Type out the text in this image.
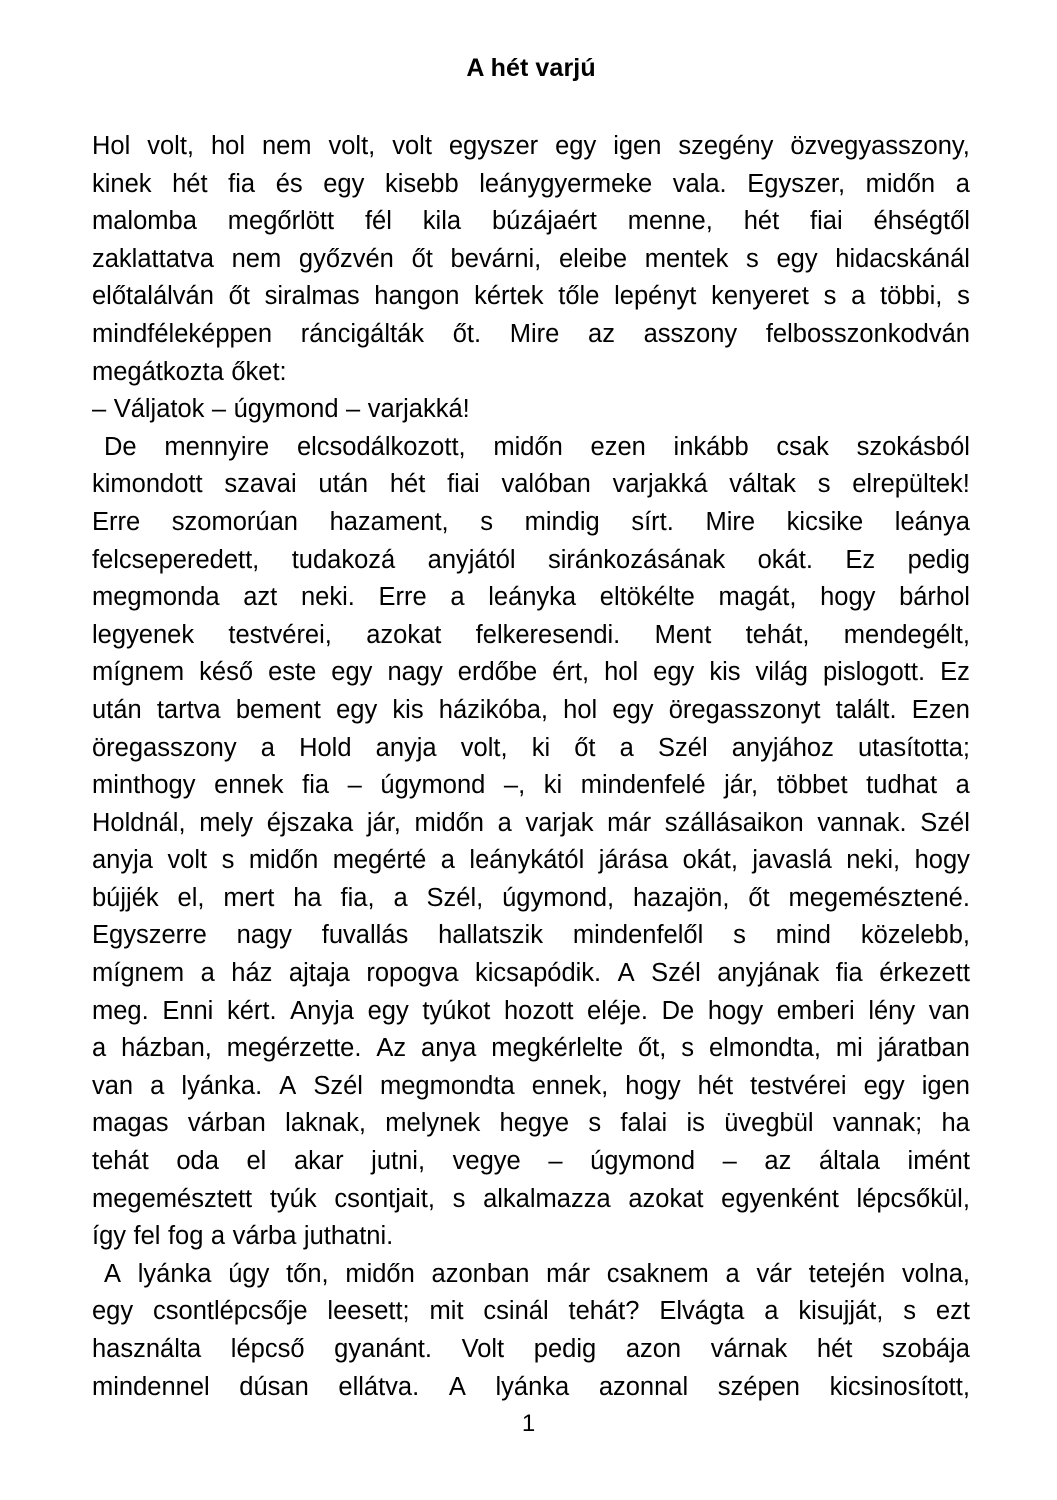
A hét varjú
Hol volt, hol nem volt, volt egyszer egy igen szegény özvegyasszony,
kinek hét fia és egy kisebb leánygyermeke vala. Egyszer, midőn a
malomba megőrlött fél kila búzájaért menne, hét fiai éhségtől
zaklattatva nem győzvén őt bevárni, eleibe mentek s egy hidacskánál
előtalálván őt siralmas hangon kértek tőle lepényt kenyeret s a többi, s
mindféleképpen ráncigálták őt. Mire az asszony felbosszonkodván
megátkozta őket:
– Váljatok – úgymond – varjakká!
De mennyire elcsodálkozott, midőn ezen inkább csak szokásból
kimondott szavai után hét fiai valóban varjakká váltak s elrepültek!
Erre szomorúan hazament, s mindig sírt. Mire kicsike leánya
felcseperedett, tudakozá anyjától siránkozásának okát. Ez pedig
megmonda azt neki. Erre a leányka eltökélte magát, hogy bárhol
legyenek testvérei, azokat felkeresendi. Ment tehát, mendegélt,
mígnem késő este egy nagy erdőbe ért, hol egy kis világ pislogott. Ez
után tartva bement egy kis házikóba, hol egy öregasszonyt talált. Ezen
öregasszony a Hold anyja volt, ki őt a Szél anyjához utasította;
minthogy ennek fia – úgymond –, ki mindenfelé jár, többet tudhat a
Holdnál, mely éjszaka jár, midőn a varjak már szállásaikon vannak. Szél
anyja volt s midőn megérté a leánykától járása okát, javaslá neki, hogy
bújjék el, mert ha fia, a Szél, úgymond, hazajön, őt megemésztené.
Egyszerre nagy fuvallás hallatszik mindenfelől s mind közelebb,
mígnem a ház ajtaja ropogva kicsapódik. A Szél anyjának fia érkezett
meg. Enni kért. Anyja egy tyúkot hozott eléje. De hogy emberi lény van
a házban, megérzette. Az anya megkérlelte őt, s elmondta, mi járatban
van a lyánka. A Szél megmondta ennek, hogy hét testvérei egy igen
magas várban laknak, melynek hegye s falai is üvegbül vannak; ha
tehát oda el akar jutni, vegye – úgymond – az általa imént
megemésztett tyúk csontjait, s alkalmazza azokat egyenként lépcsőkül,
így fel fog a várba juthatni.
A lyánka úgy tőn, midőn azonban már csaknem a vár tetején volna,
egy csontlépcsője leesett; mit csinál tehát? Elvágta a kisujját, s ezt
használta lépcső gyanánt. Volt pedig azon várnak hét szobája
mindennel dúsan ellátva. A lyánka azonnal szépen kicsinosított,
1
